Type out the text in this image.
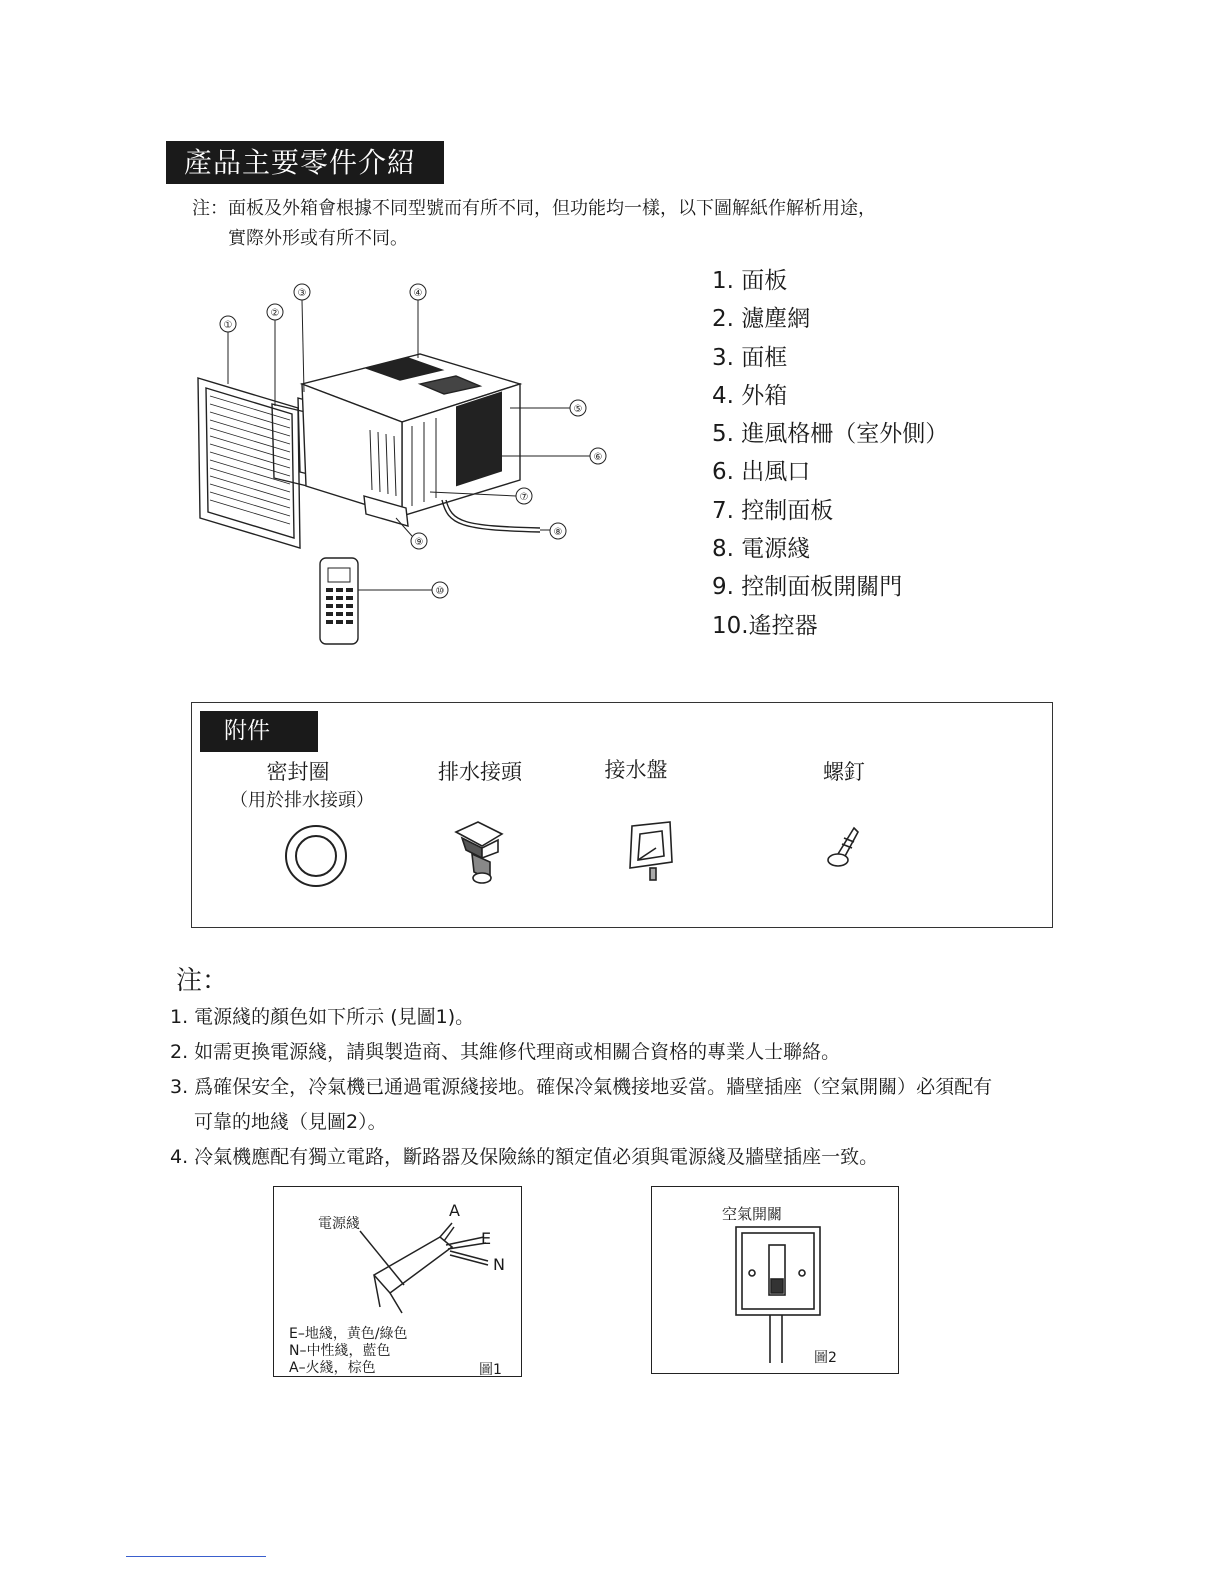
產品主要零件介紹
注：面板及外箱會根據不同型號而有所不同，但功能均一樣，以下圖解紙作解析用途，
實際外形或有所不同。
①
②
③	④
⑤
⑥
⑦
⑧
⑨
⑩
1. 面板
2. 濾塵網
3. 面框
4. 外箱
5. 進風格柵（室外側）
6. 出風口
7. 控制面板
8. 電源綫
9. 控制面板開關門
10.遙控器
附件
密封圈
（用於排水接頭）
排水接頭	接水盤	螺釘
注：
1. 電源綫的顏色如下所示 (見圖1)。
2. 如需更換電源綫，請與製造商、其維修代理商或相關合資格的專業人士聯絡。
3. 爲確保安全，冷氣機已通過電源綫接地。確保冷氣機接地妥當。牆壁插座（空氣開關）必須配有
可靠的地綫（見圖2）。
4. 冷氣機應配有獨立電路，斷路器及保險絲的額定值必須與電源綫及牆壁插座一致。
電源綫
A
E
N
E–地綫，黄色/綠色
N–中性綫，藍色
A–火綫，棕色	圖1
空氣開關
圖2
